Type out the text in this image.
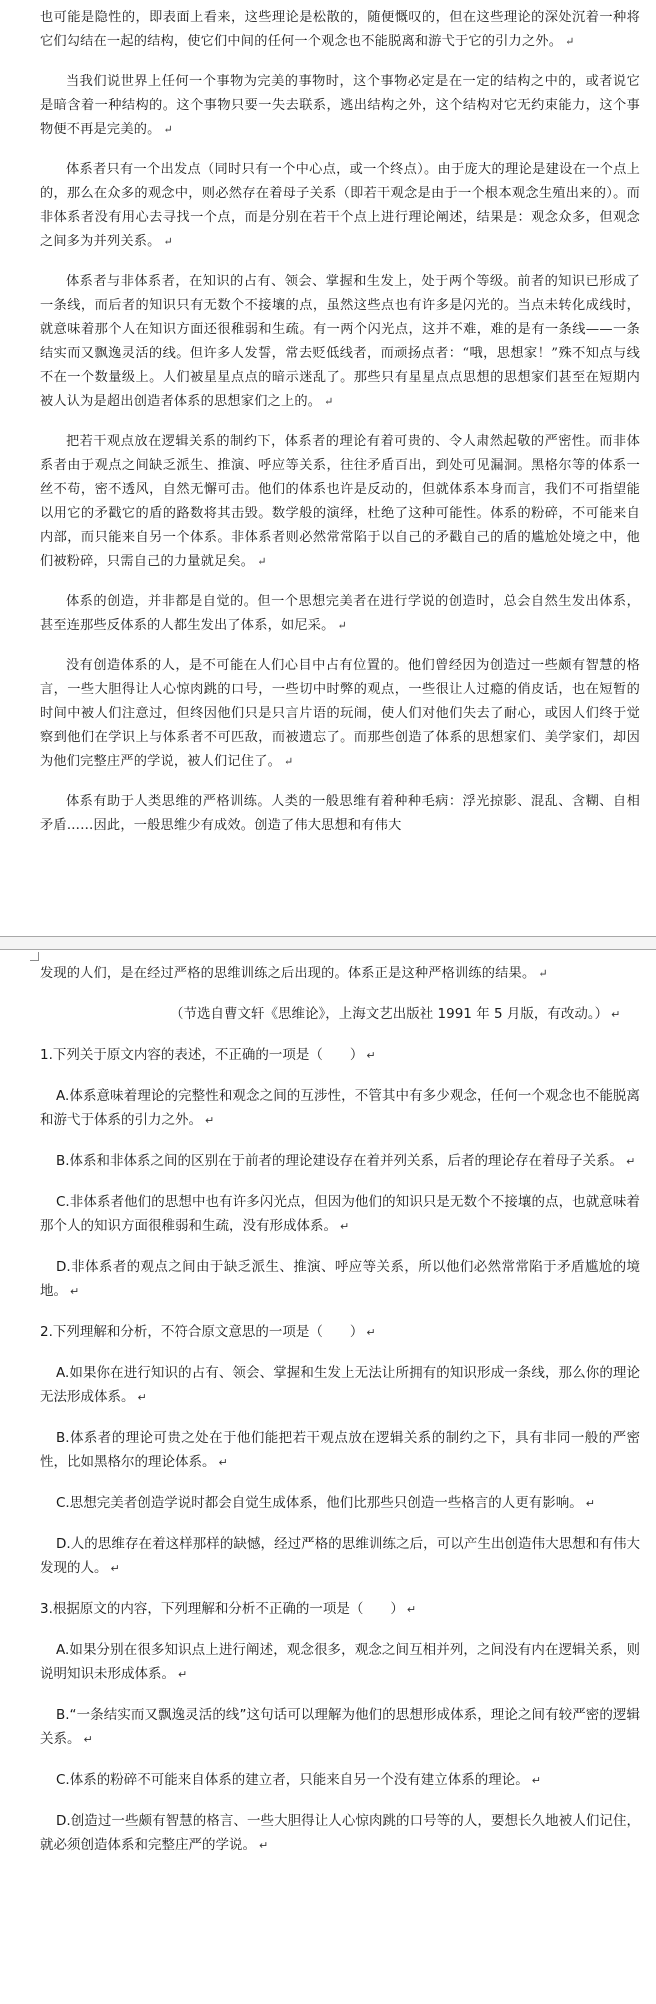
也可能是隐性的，即表面上看来，这些理论是松散的，随便慨叹的，但在这些理论的深处沉着一种将它们勾结在一起的结构，使它们中间的任何一个观念也不能脱离和游弋于它的引力之外。 ↵

当我们说世界上任何一个事物为完美的事物时，这个事物必定是在一定的结构之中的，或者说它是暗含着一种结构的。这个事物只要一失去联系，逃出结构之外，这个结构对它无约束能力，这个事物便不再是完美的。 ↵

体系者只有一个出发点（同时只有一个中心点，或一个终点）。由于庞大的理论是建设在一个点上的，那么在众多的观念中，则必然存在着母子关系（即若干观念是由于一个根本观念生殖出来的）。而非体系者没有用心去寻找一个点，而是分别在若干个点上进行理论阐述，结果是：观念众多，但观念之间多为并列关系。 ↵

体系者与非体系者，在知识的占有、领会、掌握和生发上，处于两个等级。前者的知识已形成了一条线，而后者的知识只有无数个不接壤的点，虽然这些点也有许多是闪光的。当点未转化成线时，就意味着那个人在知识方面还很稚弱和生疏。有一两个闪光点，这并不难，难的是有一条线——一条结实而又飘逸灵活的线。但许多人发誓，常去贬低线者，而顽扬点者：“哦，思想家！”殊不知点与线不在一个数量级上。人们被星星点点的暗示迷乱了。那些只有星星点点思想的思想家们甚至在短期内被人认为是超出创造者体系的思想家们之上的。 ↵

把若干观点放在逻辑关系的制约下，体系者的理论有着可贵的、令人肃然起敬的严密性。而非体系者由于观点之间缺乏派生、推演、呼应等关系，往往矛盾百出，到处可见漏洞。黑格尔等的体系一丝不苟，密不透风，自然无懈可击。他们的体系也许是反动的，但就体系本身而言，我们不可指望能以用它的矛戳它的盾的路数将其击毁。数学般的演绎，杜绝了这种可能性。体系的粉碎，不可能来自内部，而只能来自另一个体系。非体系者则必然常常陷于以自己的矛戳自己的盾的尴尬处境之中，他们被粉碎，只需自己的力量就足矣。 ↵

体系的创造，并非都是自觉的。但一个思想完美者在进行学说的创造时，总会自然生发出体系，甚至连那些反体系的人都生发出了体系，如尼采。 ↵

没有创造体系的人，是不可能在人们心目中占有位置的。他们曾经因为创造过一些颇有智慧的格言，一些大胆得让人心惊肉跳的口号，一些切中时弊的观点，一些很让人过瘾的俏皮话，也在短暂的时间中被人们注意过，但终因他们只是只言片语的玩闹，使人们对他们失去了耐心，或因人们终于觉察到他们在学识上与体系者不可匹敌，而被遗忘了。而那些创造了体系的思想家们、美学家们，却因为他们完整庄严的学说，被人们记住了。 ↵

体系有助于人类思维的严格训练。人类的一般思维有着种种毛病：浮光掠影、混乱、含糊、自相矛盾……因此，一般思维少有成效。创造了伟大思想和有伟大

发现的人们，是在经过严格的思维训练之后出现的。体系正是这种严格训练的结果。 ↵

（节选自曹文轩《思维论》，上海文艺出版社 1991 年 5 月版，有改动。） ↵

1.下列关于原文内容的表述，不正确的一项是（　　） ↵

A.体系意味着理论的完整性和观念之间的互涉性，不管其中有多少观念，任何一个观念也不能脱离和游弋于体系的引力之外。 ↵

B.体系和非体系之间的区别在于前者的理论建设存在着并列关系，后者的理论存在着母子关系。 ↵

C.非体系者他们的思想中也有许多闪光点，但因为他们的知识只是无数个不接壤的点，也就意味着那个人的知识方面很稚弱和生疏，没有形成体系。 ↵

D.非体系者的观点之间由于缺乏派生、推演、呼应等关系，所以他们必然常常陷于矛盾尴尬的境地。 ↵

2.下列理解和分析，不符合原文意思的一项是（　　） ↵

A.如果你在进行知识的占有、领会、掌握和生发上无法让所拥有的知识形成一条线，那么你的理论无法形成体系。 ↵

B.体系者的理论可贵之处在于他们能把若干观点放在逻辑关系的制约之下，具有非同一般的严密性，比如黑格尔的理论体系。 ↵

C.思想完美者创造学说时都会自觉生成体系，他们比那些只创造一些格言的人更有影响。 ↵

D.人的思维存在着这样那样的缺憾，经过严格的思维训练之后，可以产生出创造伟大思想和有伟大发现的人。 ↵

3.根据原文的内容，下列理解和分析不正确的一项是（　　） ↵

A.如果分别在很多知识点上进行阐述，观念很多，观念之间互相并列，之间没有内在逻辑关系，则说明知识未形成体系。 ↵

B.“一条结实而又飘逸灵活的线”这句话可以理解为他们的思想形成体系，理论之间有较严密的逻辑关系。 ↵

C.体系的粉碎不可能来自体系的建立者，只能来自另一个没有建立体系的理论。 ↵

D.创造过一些颇有智慧的格言、一些大胆得让人心惊肉跳的口号等的人，要想长久地被人们记住，就必须创造体系和完整庄严的学说。 ↵
